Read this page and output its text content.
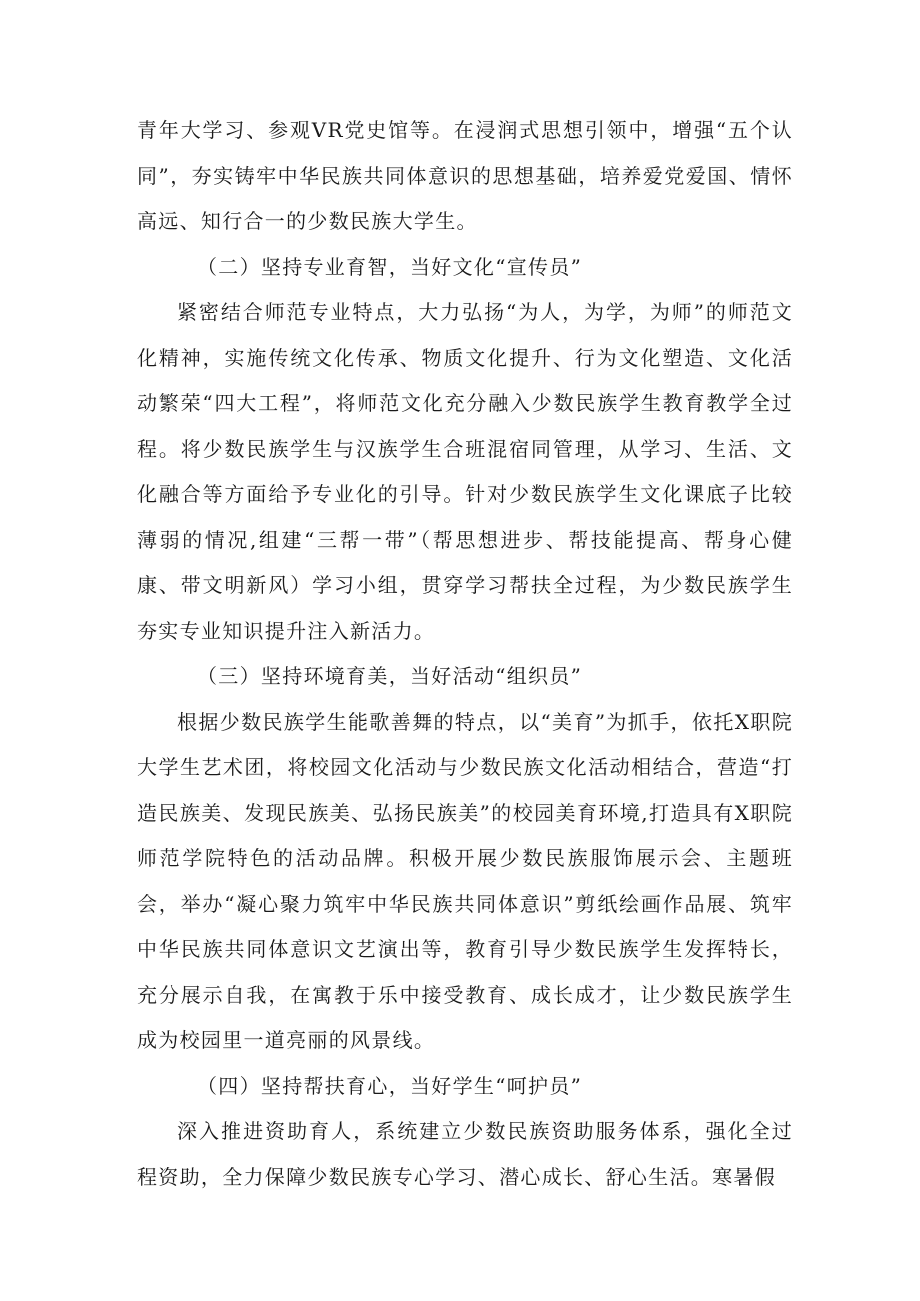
青年大学习、参观VR党史馆等。在浸润式思想引领中，增强“五个认同”，夯实铸牢中华民族共同体意识的思想基础，培养爱党爱国、情怀高远、知行合一的少数民族大学生。

（二）坚持专业育智，当好文化“宣传员”

紧密结合师范专业特点，大力弘扬“为人，为学，为师”的师范文化精神，实施传统文化传承、物质文化提升、行为文化塑造、文化活动繁荣“四大工程”，将师范文化充分融入少数民族学生教育教学全过程。将少数民族学生与汉族学生合班混宿同管理，从学习、生活、文化融合等方面给予专业化的引导。针对少数民族学生文化课底子比较薄弱的情况,组建“三帮一带”（帮思想进步、帮技能提高、帮身心健康、带文明新风）学习小组，贯穿学习帮扶全过程，为少数民族学生夯实专业知识提升注入新活力。

（三）坚持环境育美，当好活动“组织员”

根据少数民族学生能歌善舞的特点，以“美育”为抓手，依托X职院大学生艺术团，将校园文化活动与少数民族文化活动相结合，营造“打造民族美、发现民族美、弘扬民族美”的校园美育环境,打造具有X职院师范学院特色的活动品牌。积极开展少数民族服饰展示会、主题班会，举办“凝心聚力筑牢中华民族共同体意识”剪纸绘画作品展、筑牢中华民族共同体意识文艺演出等，教育引导少数民族学生发挥特长，充分展示自我，在寓教于乐中接受教育、成长成才，让少数民族学生成为校园里一道亮丽的风景线。

（四）坚持帮扶育心，当好学生“呵护员”

深入推进资助育人，系统建立少数民族资助服务体系，强化全过程资助，全力保障少数民族专心学习、潜心成长、舒心生活。寒暑假
